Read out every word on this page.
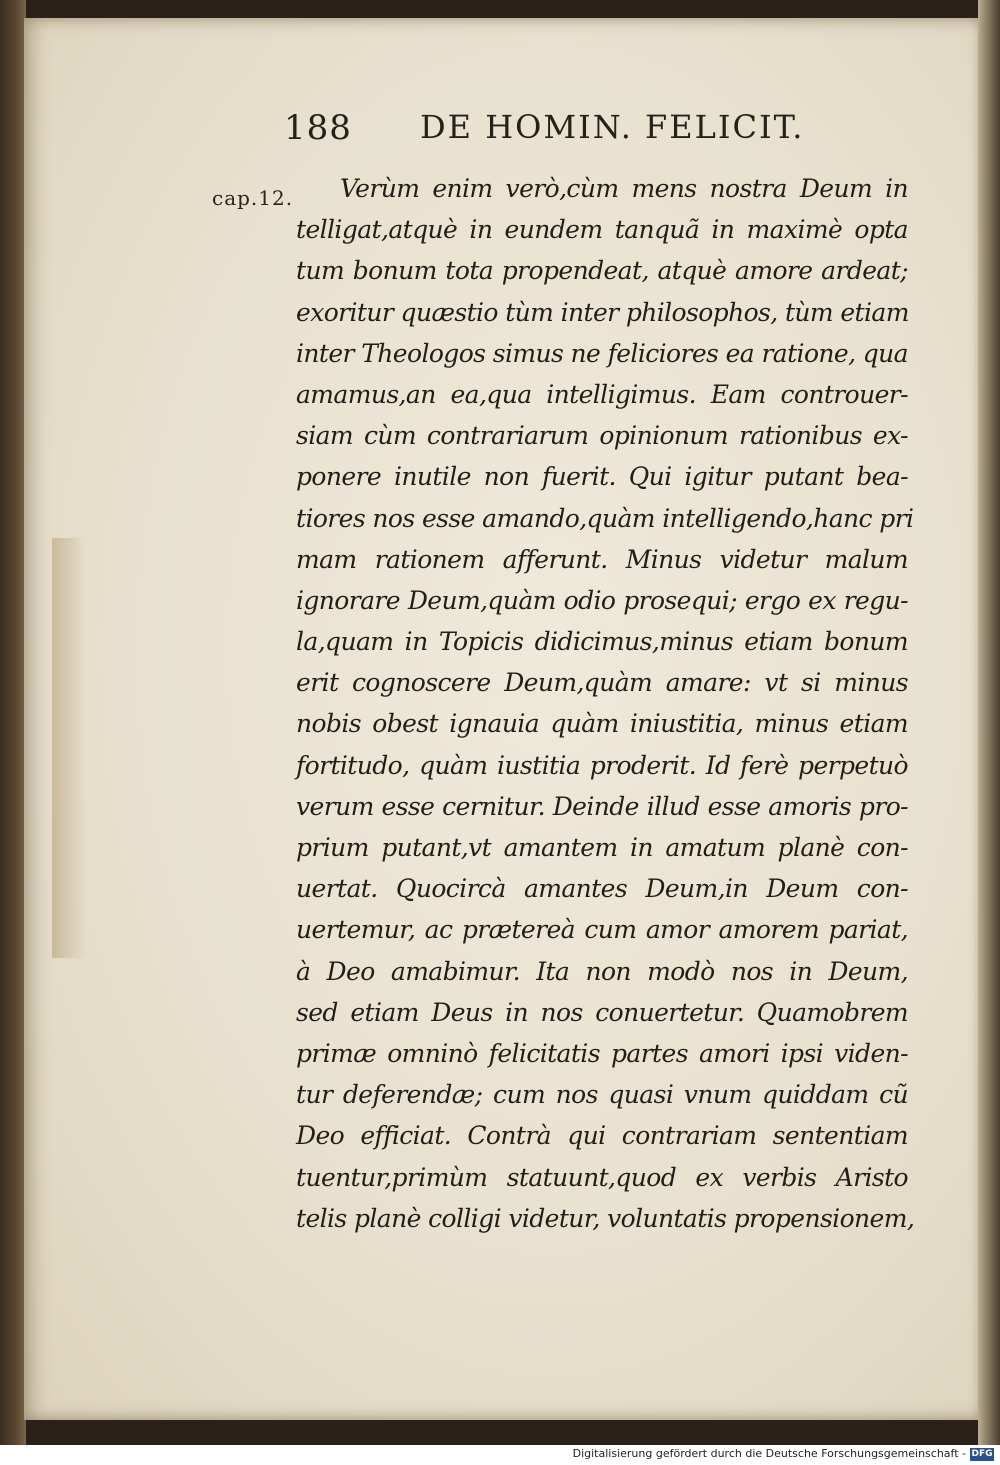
188 DE HOMIN. FELICIT.
cap.12.	Verùm enim verò,cùm mens nostra Deum in
telligat,atquè in eundem tanquã in maximè opta
tum bonum tota propendeat, atquè amore ardeat;
exoritur quæstio tùm inter philosophos, tùm etiam
inter Theologos simus ne feliciores ea ratione, qua
amamus,an ea,qua intelligimus. Eam controuer-
siam cùm contrariarum opinionum rationibus ex-
ponere inutile non fuerit. Qui igitur putant bea-
tiores nos esse amando,quàm intelligendo,hanc pri
mam rationem afferunt. Minus videtur malum
ignorare Deum,quàm odio prosequi; ergo ex regu-
la,quam in Topicis didicimus,minus etiam bonum
erit cognoscere Deum,quàm amare: vt si minus
nobis obest ignauia quàm iniustitia, minus etiam
fortitudo, quàm iustitia proderit. Id ferè perpetuò
verum esse cernitur. Deinde illud esse amoris pro-
prium putant,vt amantem in amatum planè con-
uertat. Quocircà amantes Deum,in Deum con-
uertemur, ac prætereà cum amor amorem pariat,
à Deo amabimur. Ita non modò nos in Deum,
sed etiam Deus in nos conuertetur. Quamobrem
primæ omninò felicitatis partes amori ipsi viden-
tur deferendæ; cum nos quasi vnum quiddam cũ
Deo efficiat. Contrà qui contrariam sententiam
tuentur,primùm statuunt,quod ex verbis Aristo
telis planè colligi videtur, voluntatis propensionem,
Digitalisierung gefördert durch die Deutsche Forschungsgemeinschaft - DFG
